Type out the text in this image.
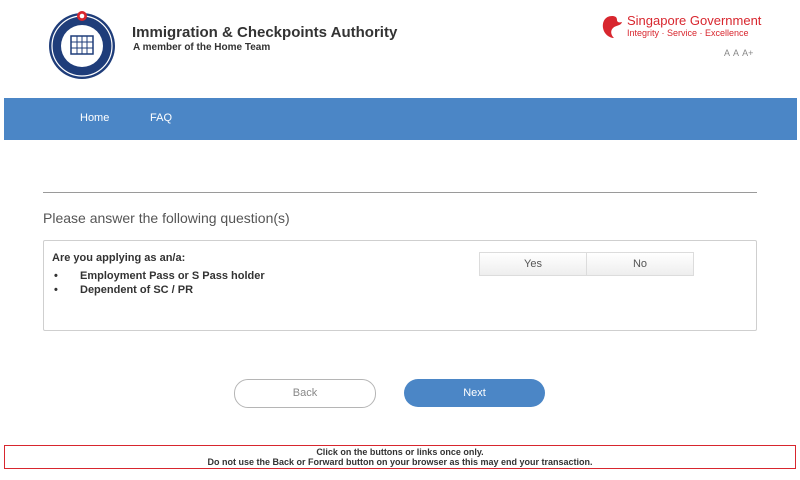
Immigration & Checkpoints Authority
A member of the Home Team
Singapore Government
Integrity · Service · Excellence
A A A+
Home	FAQ
Please answer the following question(s)
Are you applying as an/a:
• Employment Pass or S Pass holder
• Dependent of SC / PR
Yes	No
Back	Next
Click on the buttons or links once only.
Do not use the Back or Forward button on your browser as this may end your transaction.
